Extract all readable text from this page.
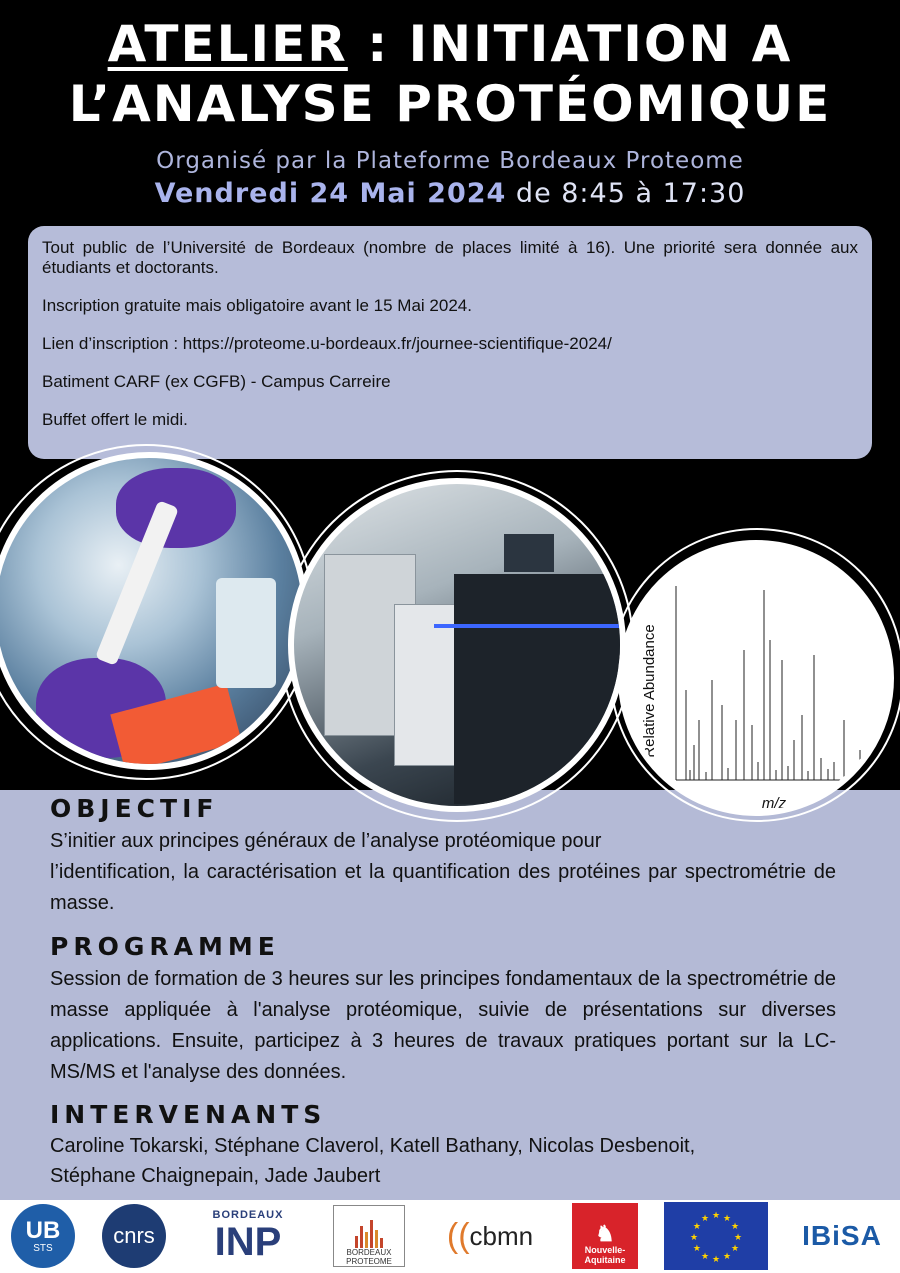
ATELIER : INITIATION A
L’ANALYSE PROTÉOMIQUE
Organisé par la Plateforme Bordeaux Proteome
Vendredi 24 Mai 2024 de 8:45 à 17:30

Tout public de l’Université de Bordeaux (nombre de places limité à 16). Une priorité sera donnée aux étudiants et doctorants.

Inscription gratuite mais obligatoire avant le 15 Mai 2024.

Lien d’inscription : https://proteome.u-bordeaux.fr/journee-scientifique-2024/

Batiment CARF (ex CGFB) - Campus Carreire

Buffet offert le midi.

Relative Abundance
m/z
OBJECTIF
S’initier aux principes généraux de l’analyse protéomique pour
l’identification, la caractérisation et la quantification des protéines par spectrométrie de masse.
PROGRAMME
Session de formation de 3 heures sur les principes fondamentaux de la spectrométrie de masse appliquée à l'analyse protéomique, suivie de présentations sur diverses applications. Ensuite, participez à 3 heures de travaux pratiques portant sur la LC-MS/MS et l'analyse des données.
INTERVENANTS
Caroline Tokarski, Stéphane Claverol, Katell Bathany, Nicolas Desbenoit,
Stéphane Chaignepain, Jade Jaubert
UB
STS	cnrs
BORDEAUX
INP	BORDEAUX
PROTEOME
(( cbmn	♞
Nouvelle-
Aquitaine
★
★
★
★
★
★
★
★
★ ★ ★
★	IBiSA
